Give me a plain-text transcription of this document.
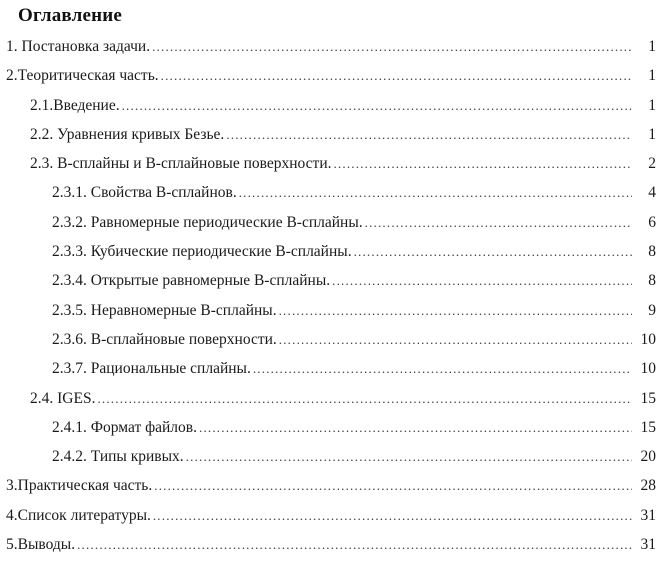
Оглавление
1. Постановка задачи. .....	1
2.Теоритическая часть. .....	1
2.1.Введение. .....	1
2.2. Уравнения кривых Безье. .....	1
2.3. В-сплайны и В-сплайновые поверхности. .....	2
2.3.1. Свойства В-сплайнов. .....	4
2.3.2. Равномерные периодические В-сплайны. .....	6
2.3.3. Кубические периодические В-сплайны. .....	8
2.3.4. Открытые равномерные В-сплайны. .....	8
2.3.5. Неравномерные В-сплайны. .....	9
2.3.6. В-сплайновые поверхности. .....	10
2.3.7. Рациональные сплайны. .....	10
2.4. IGES. .....	15
2.4.1. Формат файлов. .....	15
2.4.2. Типы кривых. .....	20
3.Практическая часть. .....	28
4.Список литературы. .....	31
5.Выводы. .....	31
